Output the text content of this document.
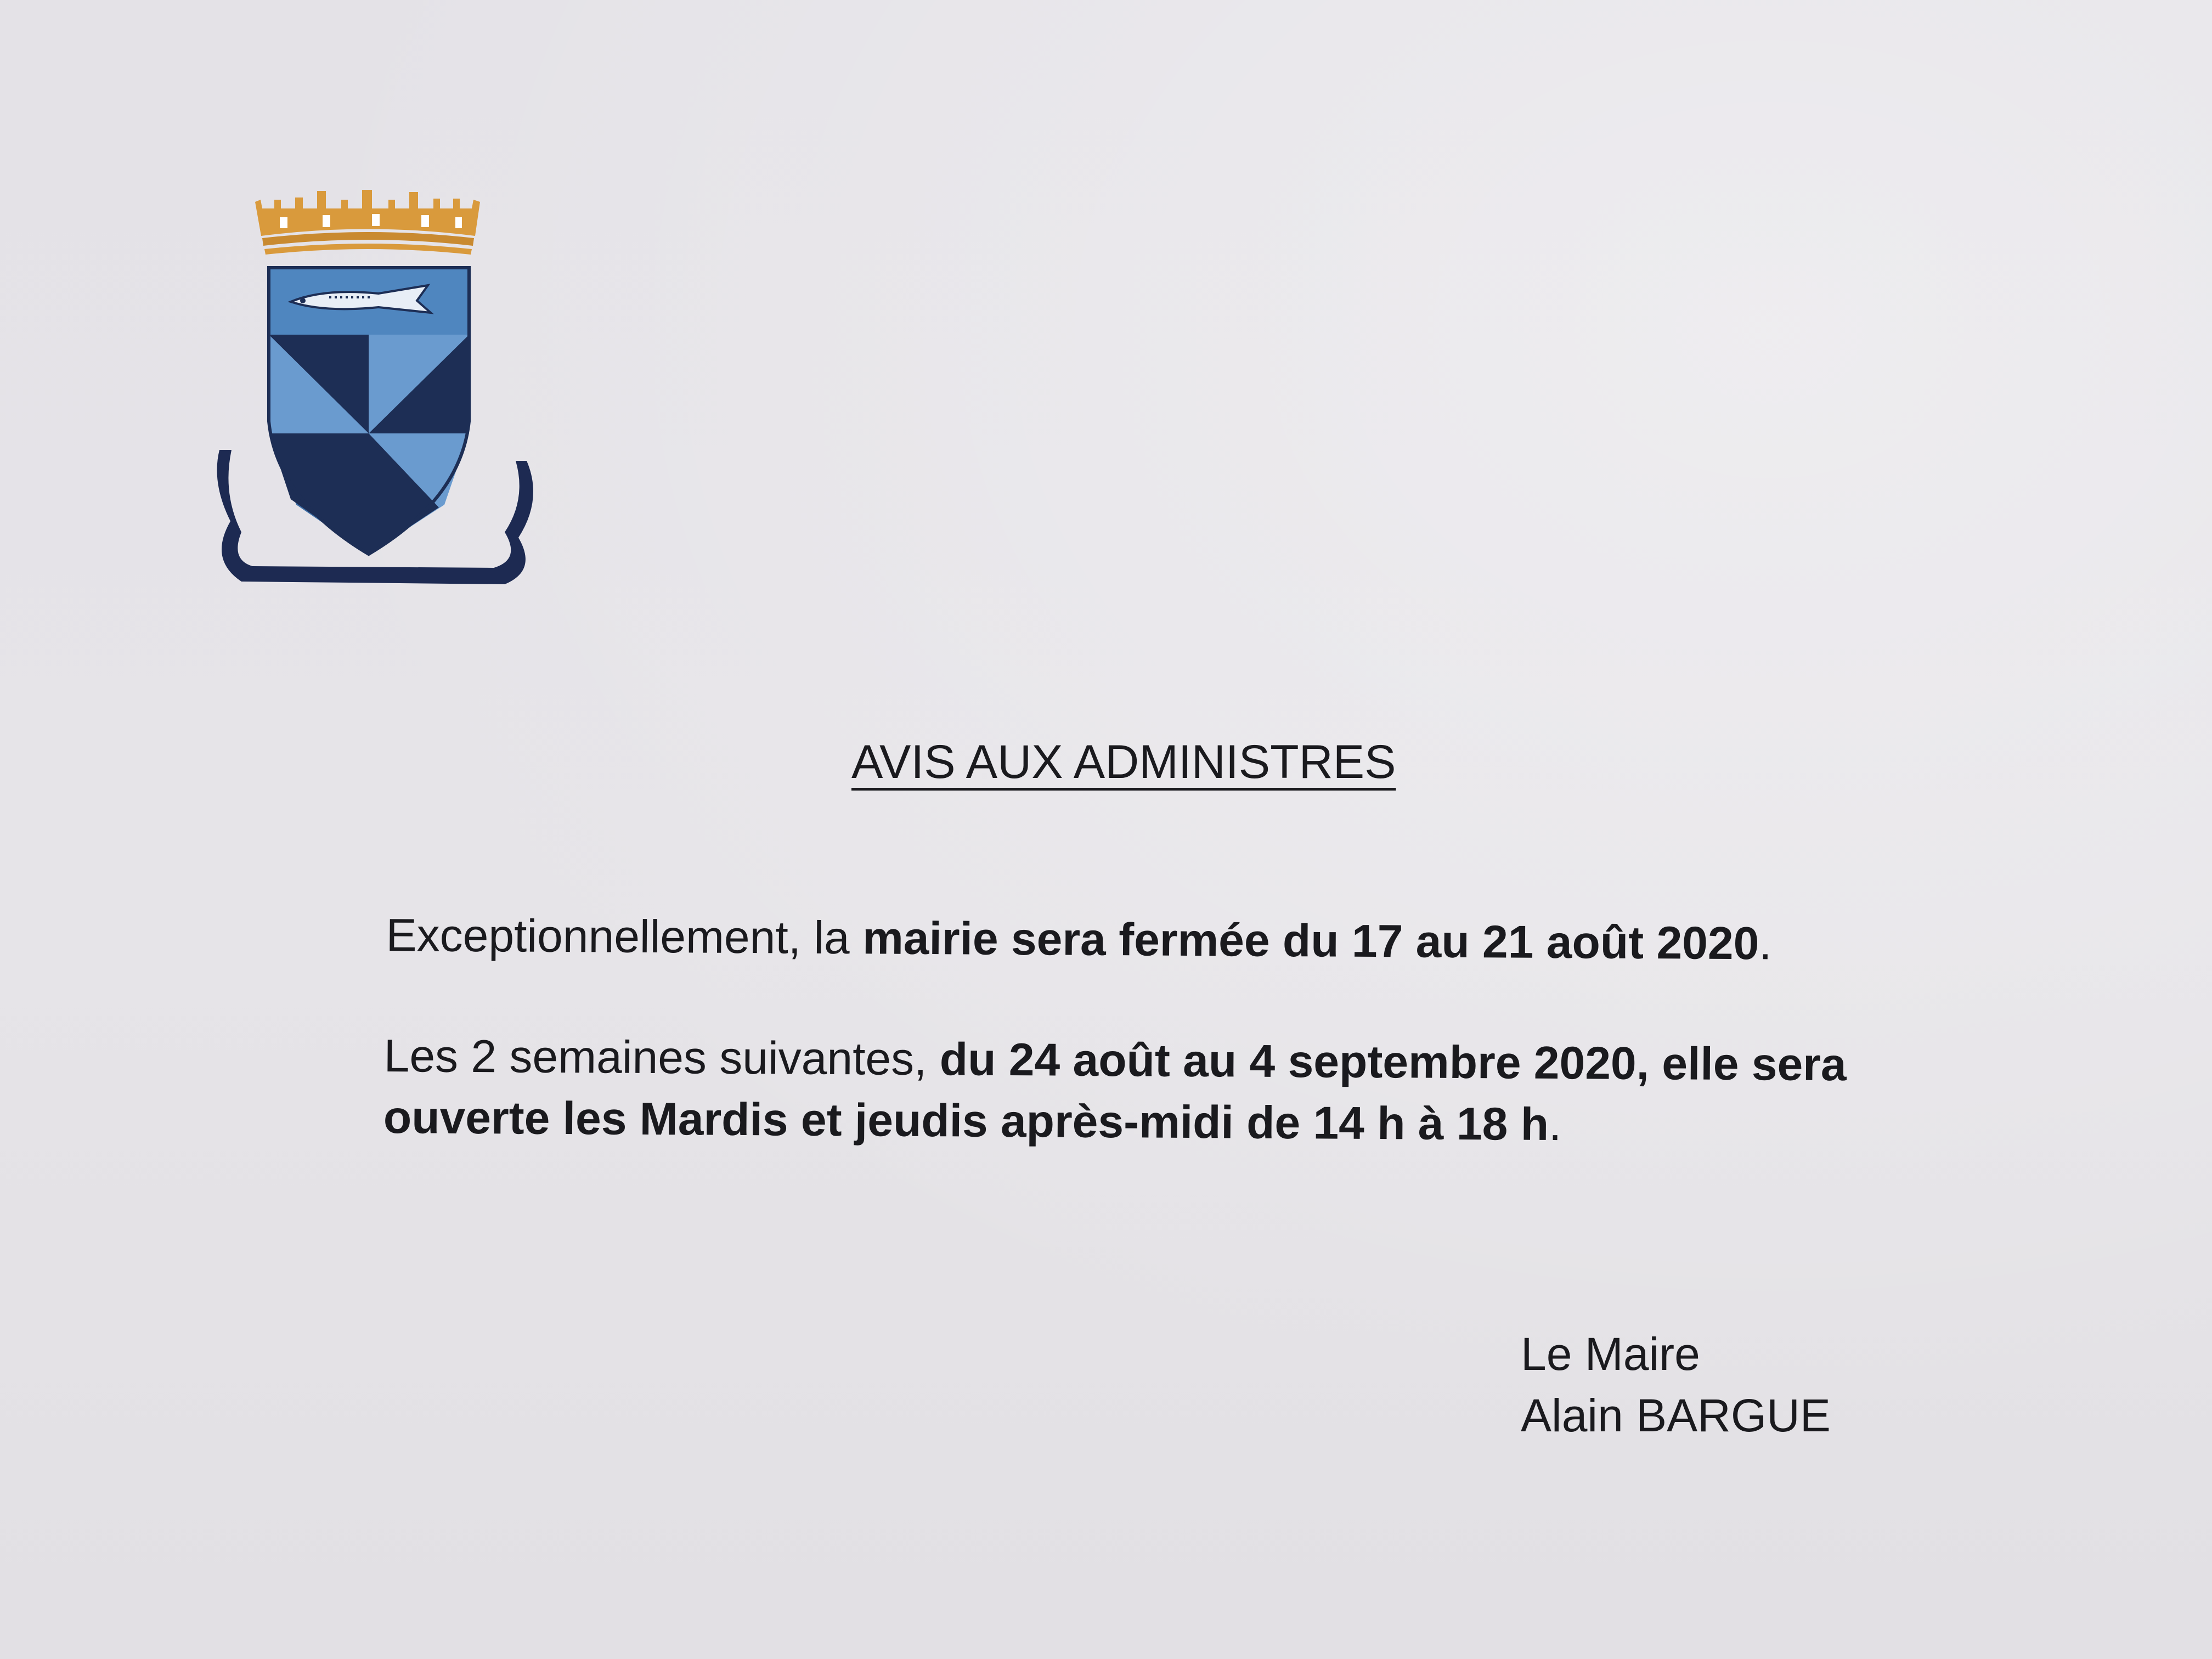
​
AVIS AUX ADMINISTRES
Exceptionnellement, la mairie sera fermée du 17 au 21 août 2020.
Les 2 semaines suivantes, du 24 août au 4 septembre 2020, elle sera
ouverte les Mardis et jeudis après-midi de 14 h à 18 h.
Le Maire
Alain BARGUE
